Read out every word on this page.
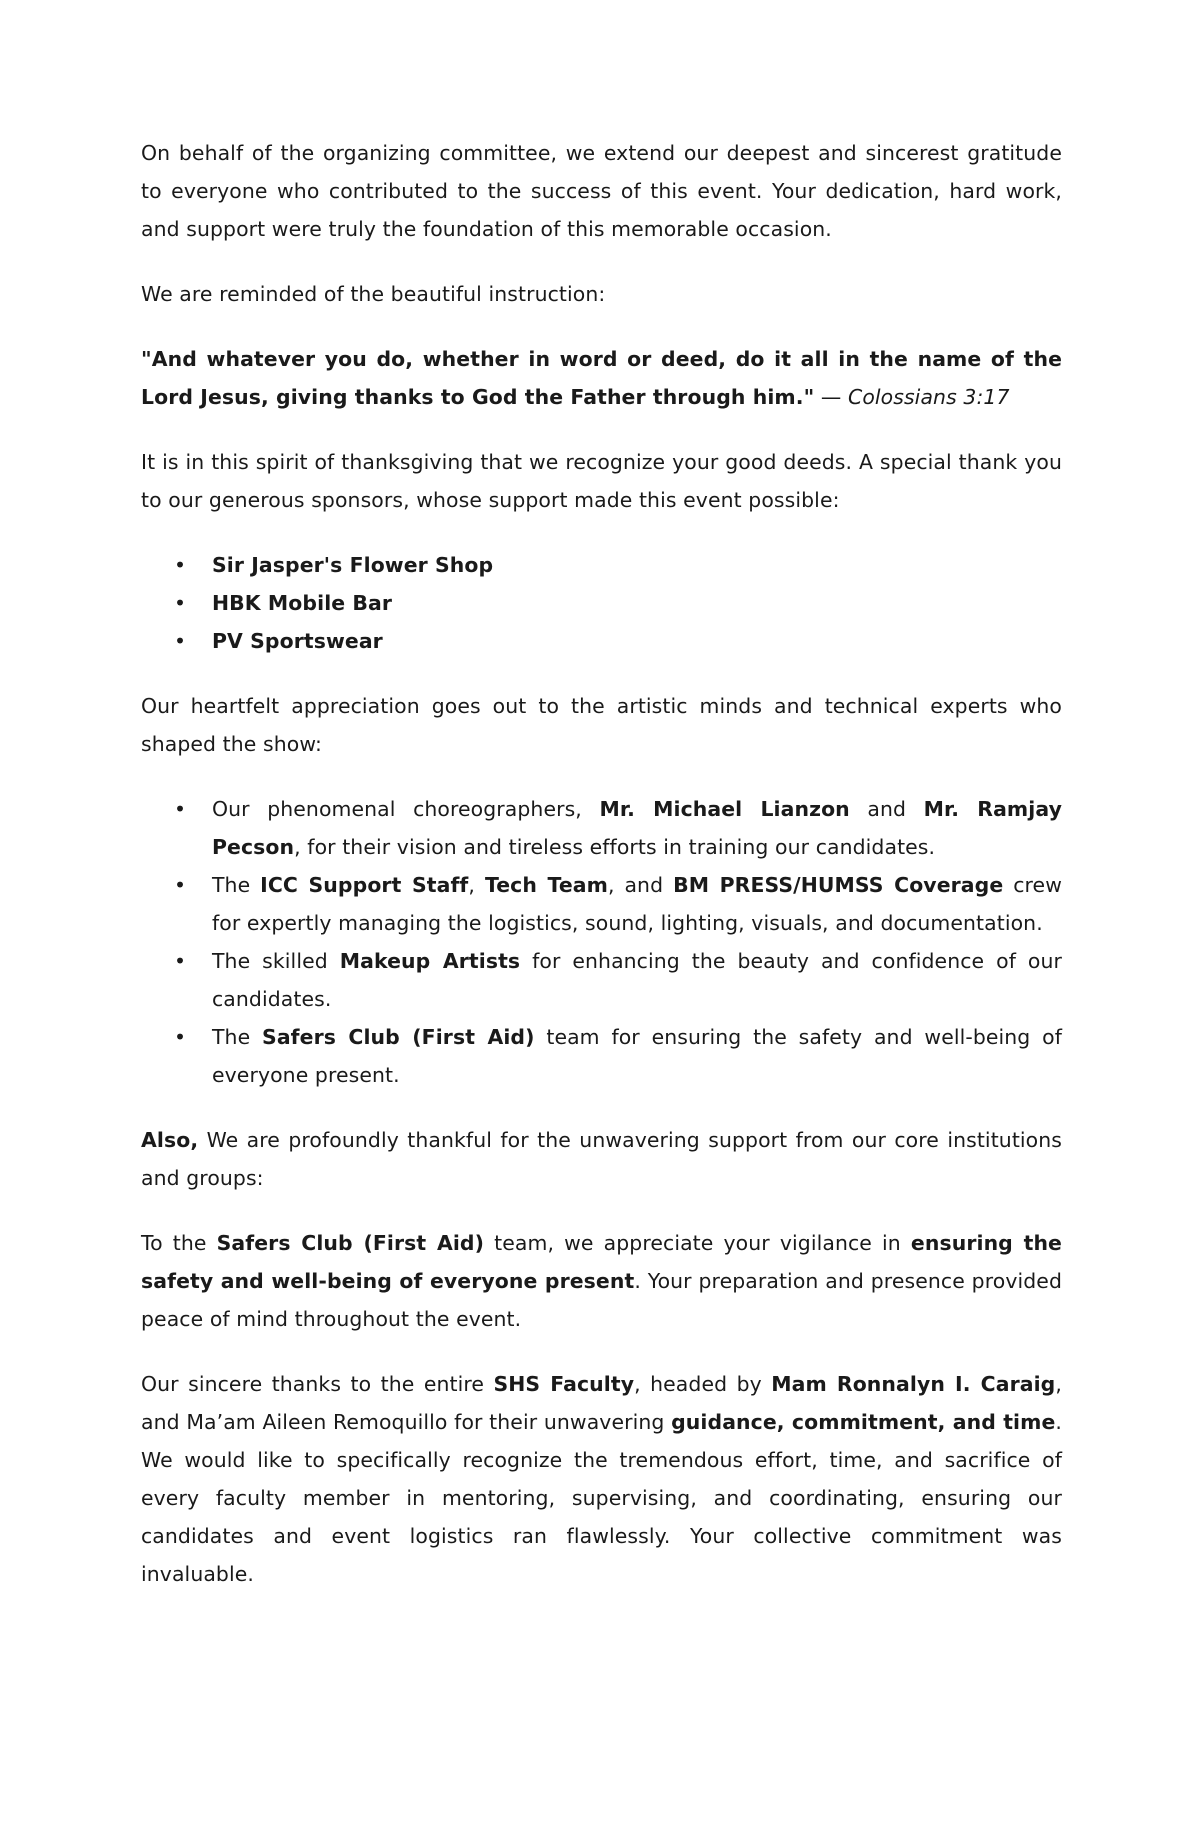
On behalf of the organizing committee, we extend our deepest and sincerest gratitude to everyone who contributed to the success of this event. Your dedication, hard work, and support were truly the foundation of this memorable occasion.

We are reminded of the beautiful instruction:

"And whatever you do, whether in word or deed, do it all in the name of the Lord Jesus, giving thanks to God the Father through him." — Colossians 3:17

It is in this spirit of thanksgiving that we recognize your good deeds. A special thank you to our generous sponsors, whose support made this event possible:

• Sir Jasper's Flower Shop
• HBK Mobile Bar
• PV Sportswear

Our heartfelt appreciation goes out to the artistic minds and technical experts who shaped the show:

• Our phenomenal choreographers, Mr. Michael Lianzon and Mr. Ramjay Pecson, for their vision and tireless efforts in training our candidates.
• The ICC Support Staff, Tech Team, and BM PRESS/HUMSS Coverage crew for expertly managing the logistics, sound, lighting, visuals, and documentation.
• The skilled Makeup Artists for enhancing the beauty and confidence of our candidates.
• The Safers Club (First Aid) team for ensuring the safety and well-being of everyone present.

Also, We are profoundly thankful for the unwavering support from our core institutions and groups:

To the Safers Club (First Aid) team, we appreciate your vigilance in ensuring the safety and well-being of everyone present. Your preparation and presence provided peace of mind throughout the event.

Our sincere thanks to the entire SHS Faculty, headed by Mam Ronnalyn I. Caraig, and Ma’am Aileen Remoquillo for their unwavering guidance, commitment, and time. We would like to specifically recognize the tremendous effort, time, and sacrifice of every faculty member in mentoring, supervising, and coordinating, ensuring our candidates and event logistics ran flawlessly. Your collective commitment was invaluable.
